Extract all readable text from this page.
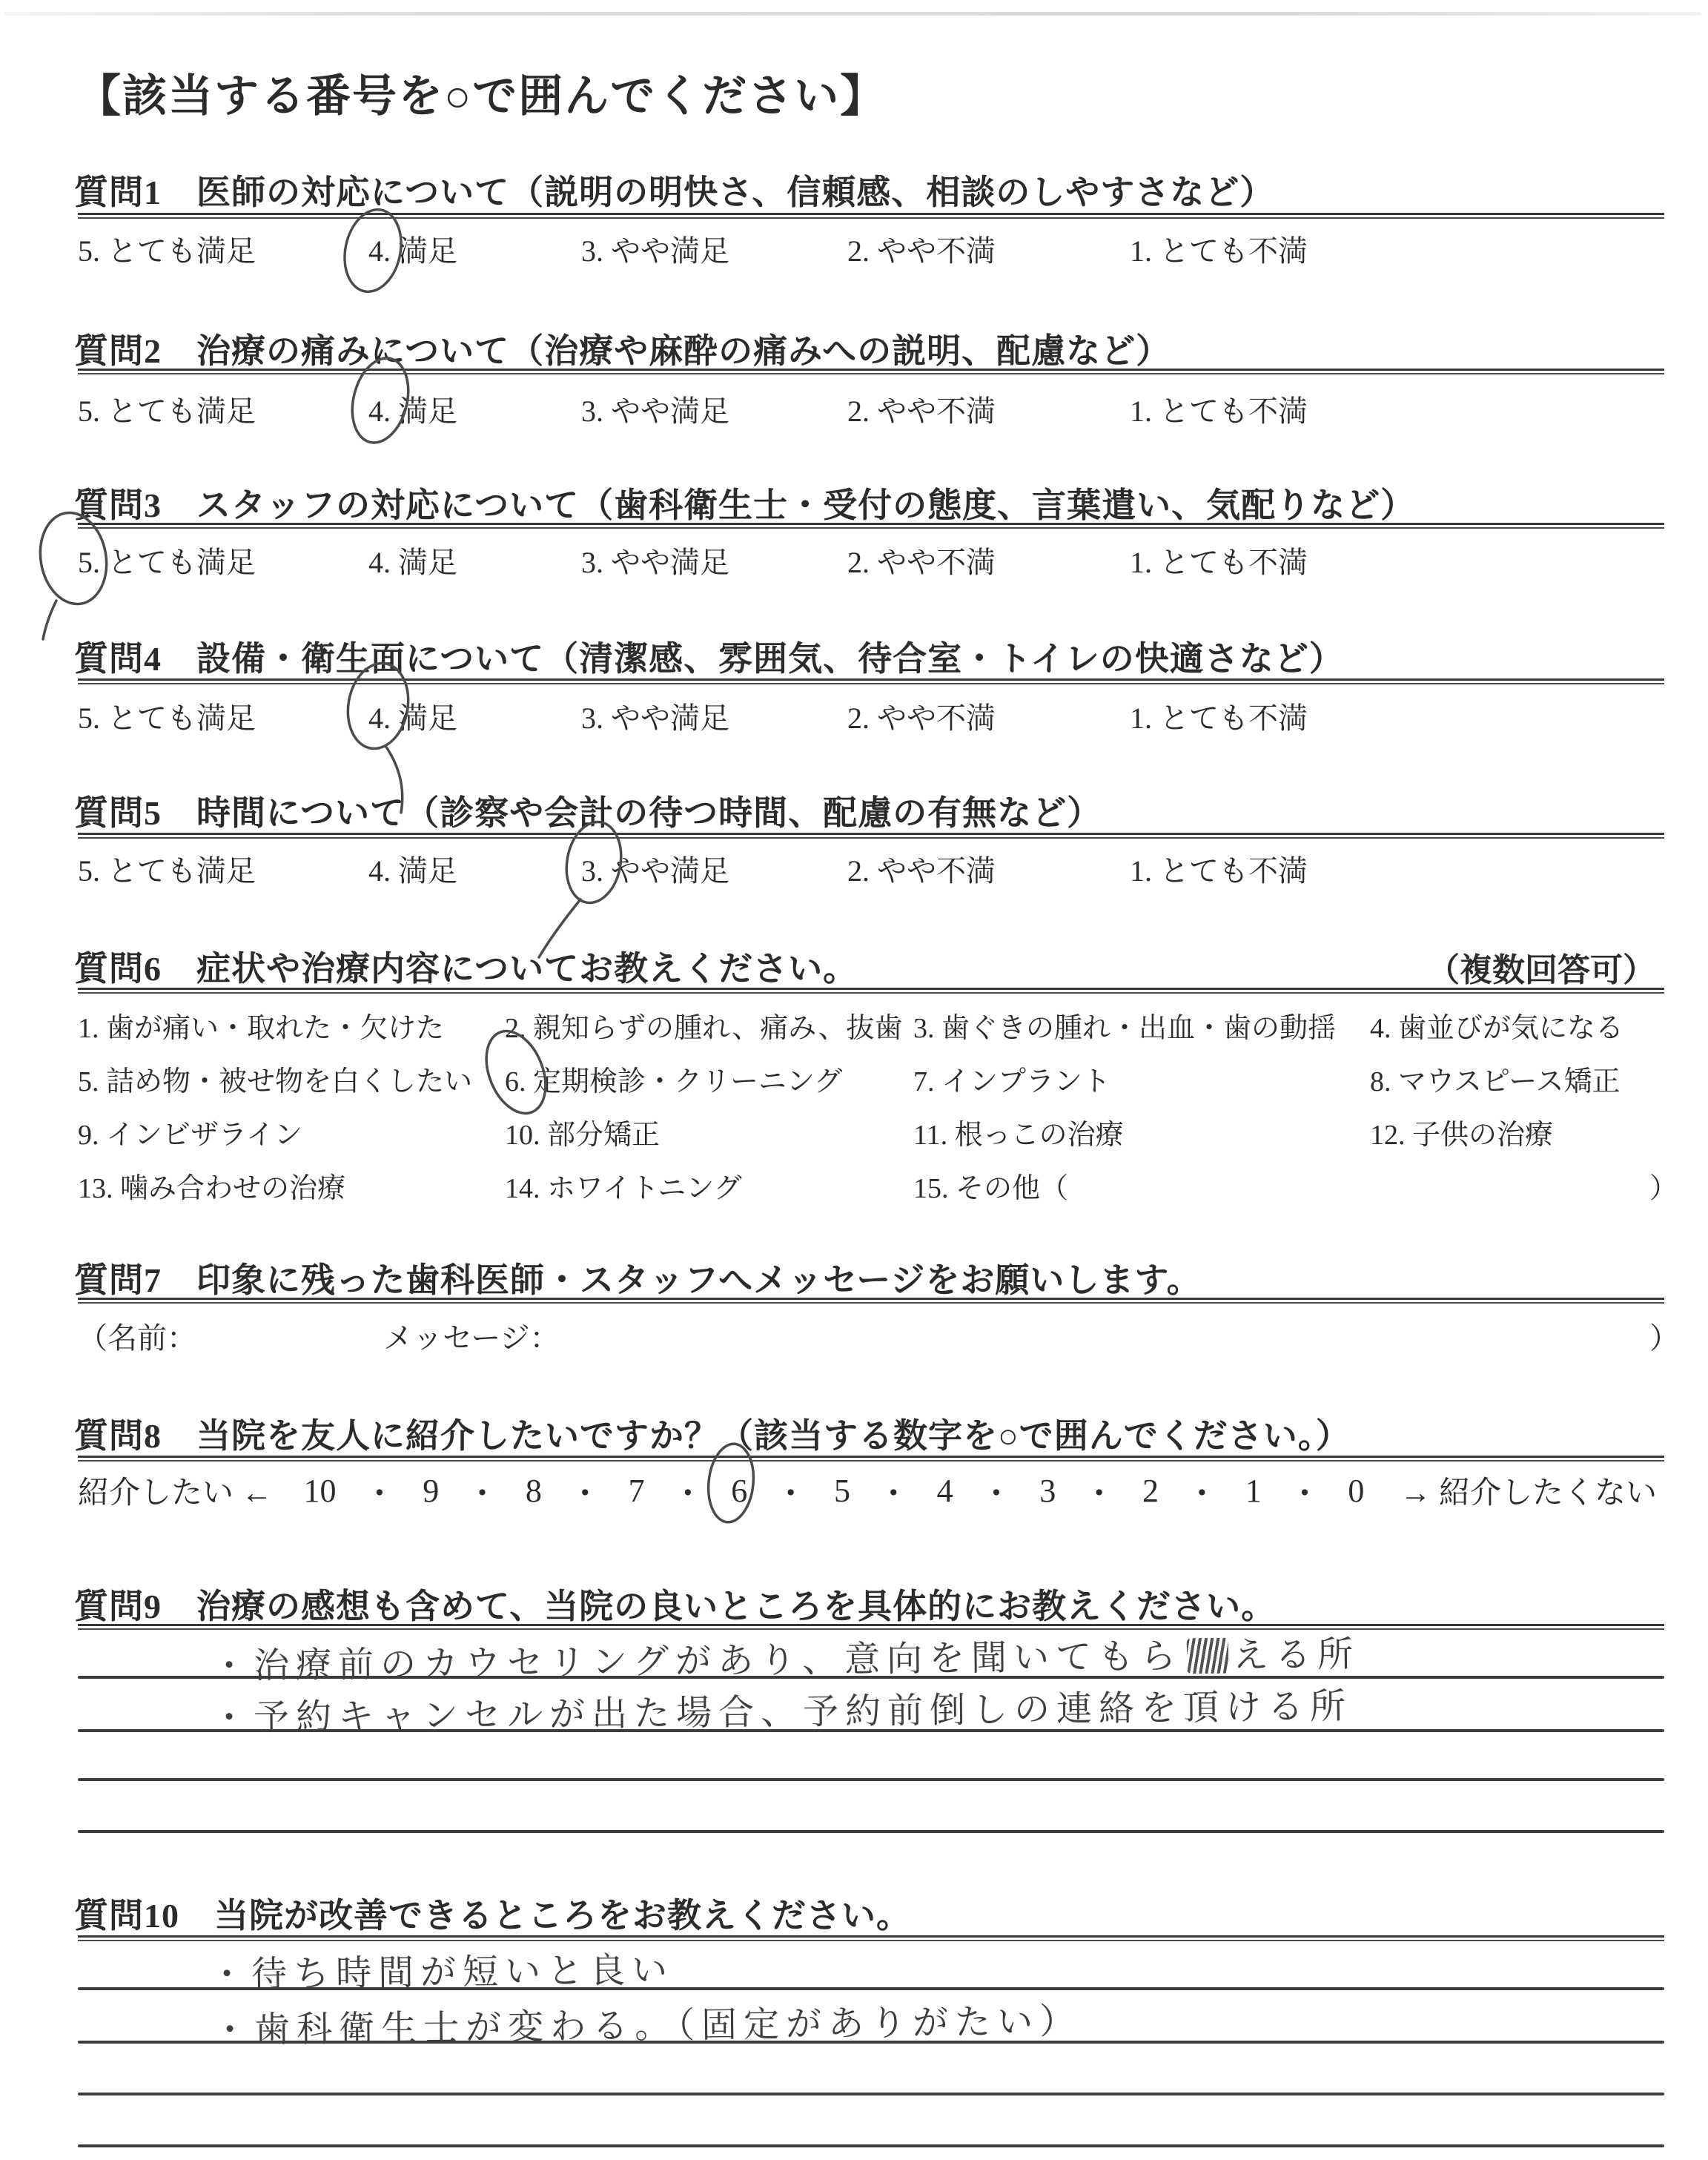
【該当する番号を○で囲んでください】
質問1　医師の対応について（説明の明快さ、信頼感、相談のしやすさなど）
5. とても満足	4. 満足	3. やや満足	2. やや不満	1. とても不満
質問2　治療の痛みについて（治療や麻酔の痛みへの説明、配慮など）
5. とても満足	4. 満足	3. やや満足	2. やや不満	1. とても不満
質問3　スタッフの対応について（歯科衛生士・受付の態度、言葉遣い、気配りなど）
5. とても満足	4. 満足	3. やや満足	2. やや不満	1. とても不満
質問4　設備・衛生面について（清潔感、雰囲気、待合室・トイレの快適さなど）
5. とても満足	4. 満足	3. やや満足	2. やや不満	1. とても不満
質問5　時間について（診察や会計の待つ時間、配慮の有無など）
5. とても満足	4. 満足	3. やや満足	2. やや不満	1. とても不満
質問6　症状や治療内容についてお教えください。	（複数回答可）
1. 歯が痛い・取れた・欠けた 2. 親知らずの腫れ、痛み、抜歯 3. 歯ぐきの腫れ・出血・歯の動揺 4. 歯並びが気になる
5. 詰め物・被せ物を白くしたい 6. 定期検診・クリーニング	7. インプラント	8. マウスピース矯正
9. インビザライン	10. 部分矯正	11. 根っこの治療	12. 子供の治療
13. 噛み合わせの治療	14. ホワイトニング	15. その他（	）
質問7　印象に残った歯科医師・スタッフへメッセージをお願いします。
（名前：	メッセージ：	）
質問8　当院を友人に紹介したいですか？（該当する数字を○で囲んでください。）
紹介したい ← 10 ・ 9 ・ 8 ・ 7 ・ 6 ・ 5 ・ 4 ・ 3 ・ 2 ・ 1 ・ 0 → 紹介したくない
質問9　治療の感想も含めて、当院の良いところを具体的にお教えください。
・治療前のカウセリングがあり、意向を聞いてもら える所
・予約キャンセルが出た場合、予約前倒しの連絡を頂ける所
質問10　当院が改善できるところをお教えください。
・待ち時間が短いと良い
・歯科衛生士が変わる。（固定がありがたい）
